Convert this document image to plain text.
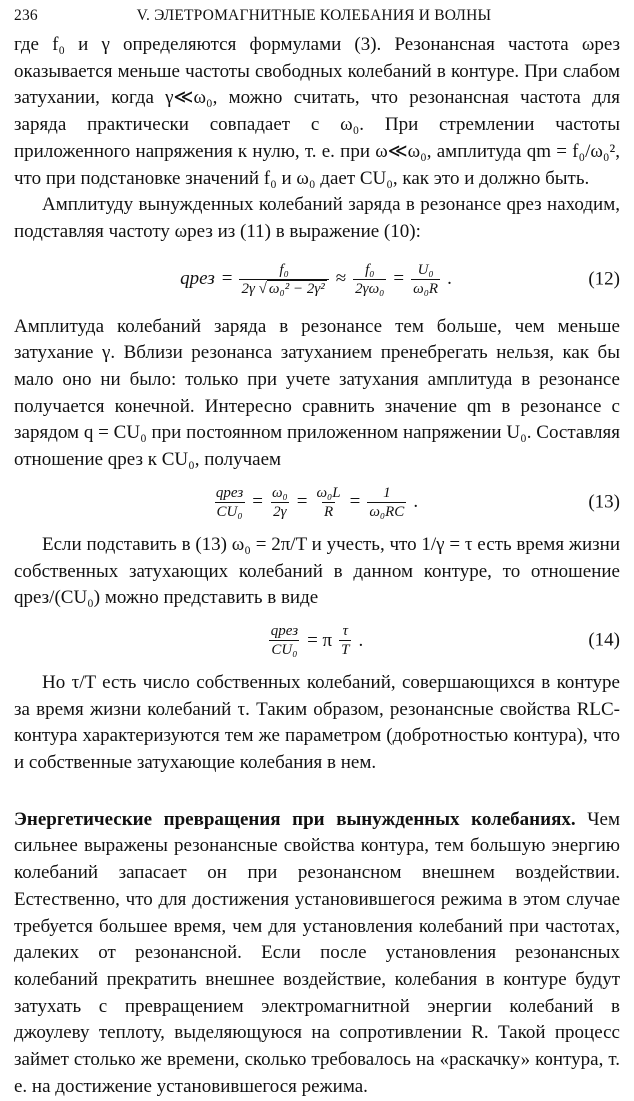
236	V. ЭЛЕТРОМАГНИТНЫЕ КОЛЕБАНИЯ И ВОЛНЫ

где f₀ и γ определяются формулами (3). Резонансная частота ωрез оказывается меньше частоты свободных колебаний в контуре. При слабом затухании, когда γ≪ω₀, можно считать, что резонансная частота для заряда практически совпадает с ω₀. При стремлении частоты приложенного напряжения к нулю, т. е. при ω≪ω₀, амплитуда qm = f₀/ω₀², что при подстановке значений f₀ и ω₀ дает CU₀, как это и должно быть.

Амплитуду вынужденных колебаний заряда в резонансе qрез находим, подставляя частоту ωрез из (11) в выражение (10):

qрез = $\frac{\text{f₀}}{\text{2γ √ ω₀² − 2γ²}} \approx \frac{\text{f₀}}{\text{2γω₀}} = \frac{\text{U₀}}{\text{ω₀R}}$ .	(12)

Амплитуда колебаний заряда в резонансе тем больше, чем меньше затухание γ. Вблизи резонанса затуханием пренебрегать нельзя, как бы мало оно ни было: только при учете затухания амплитуда в резонансе получается конечной. Интересно сравнить значение qm в резонансе с зарядом q = CU₀ при постоянном приложенном напряжении U₀. Составляя отношение qрез к CU₀, получаем

$\frac{\text{qрез}}{\text{CU₀}} = \frac{\text{ω₀}}{2\gamma} = \frac{\text{ω₀L}}{R} = \frac{1}{\text{ω₀RC}}$ .	(13)

Если подставить в (13) ω₀ = 2π/T и учесть, что 1/γ = τ есть время жизни собственных затухающих колебаний в данном контуре, то отношение qрез/(CU₀) можно представить в виде

$\frac{\text{qрез}}{\text{CU₀}} = \pi \frac{\tau}{T}$ .	(14)

Но τ/T есть число собственных колебаний, совершающихся в контуре за время жизни колебаний τ. Таким образом, резонансные свойства RLC-контура характеризуются тем же параметром (добротностью контура), что и собственные затухающие колебания в нем.

Энергетические превращения при вынужденных колебаниях. Чем сильнее выражены резонансные свойства контура, тем большую энергию колебаний запасает он при резонансном внешнем воздействии. Естественно, что для достижения установившегося режима в этом случае требуется большее время, чем для установления колебаний при частотах, далеких от резонансной. Если после установления резонансных колебаний прекратить внешнее воздействие, колебания в контуре будут затухать с превращением электромагнитной энергии колебаний в джоулеву теплоту, выделяющуюся на сопротивлении R. Такой процесс займет столько же времени, сколько требовалось на «раскачку» контура, т. е. на достижение установившегося режима.
